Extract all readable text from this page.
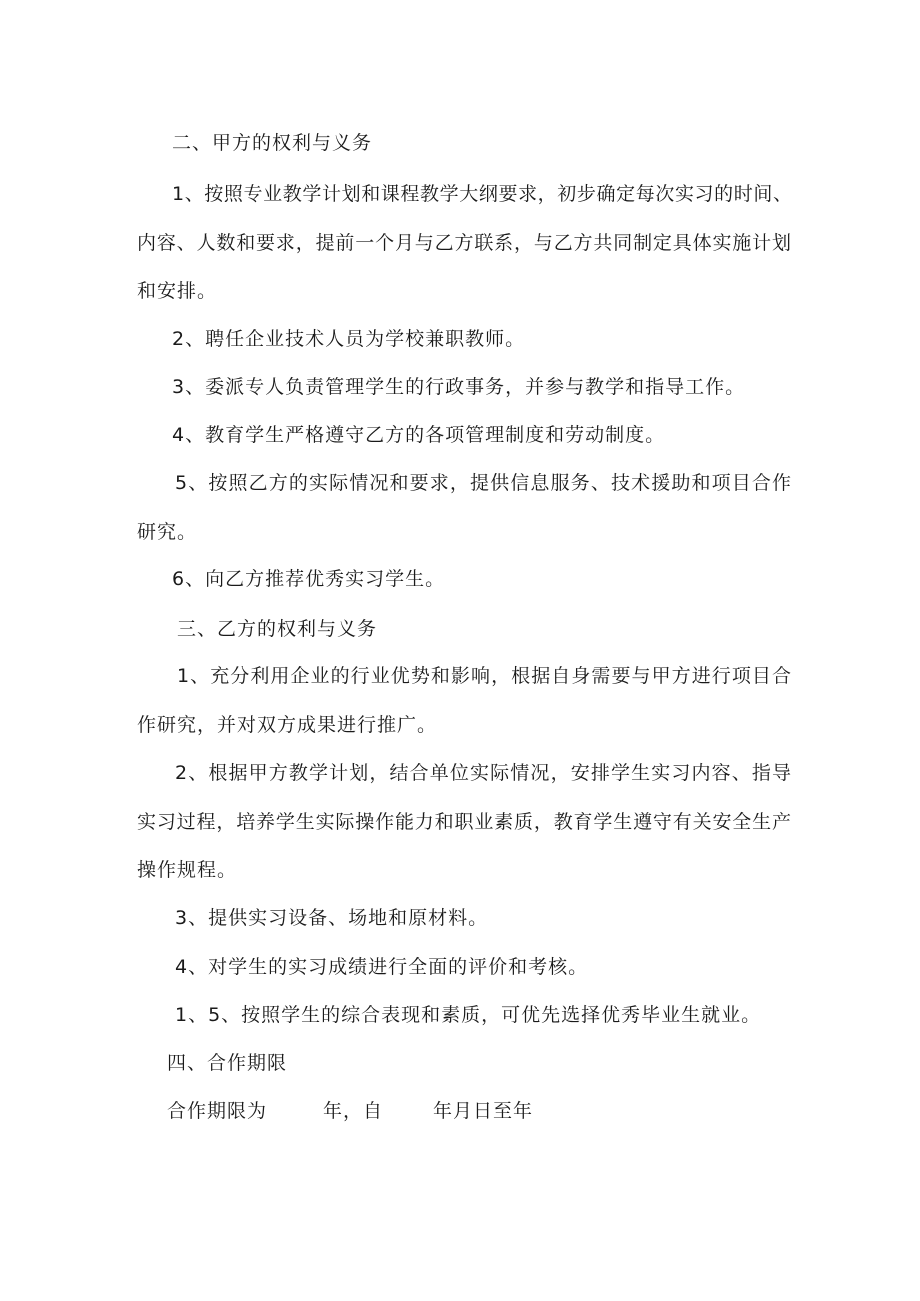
二、甲方的权利与义务
1、按照专业教学计划和课程教学大纲要求，初步确定每次实习的时间、
内容、人数和要求，提前一个月与乙方联系，与乙方共同制定具体实施计划
和安排。
2、聘任企业技术人员为学校兼职教师。
3、委派专人负责管理学生的行政事务，并参与教学和指导工作。
4、教育学生严格遵守乙方的各项管理制度和劳动制度。
5、按照乙方的实际情况和要求，提供信息服务、技术援助和项目合作
研究。
6、向乙方推荐优秀实习学生。
三、乙方的权利与义务
1、充分利用企业的行业优势和影响，根据自身需要与甲方进行项目合
作研究，并对双方成果进行推广。
2、根据甲方教学计划，结合单位实际情况，安排学生实习内容、指导
实习过程，培养学生实际操作能力和职业素质，教育学生遵守有关安全生产
操作规程。
3、提供实习设备、场地和原材料。
4、对学生的实习成绩进行全面的评价和考核。
1、5、按照学生的综合表现和素质，可优先选择优秀毕业生就业。
四、合作期限
合作期限为	年，自	年月日至年
